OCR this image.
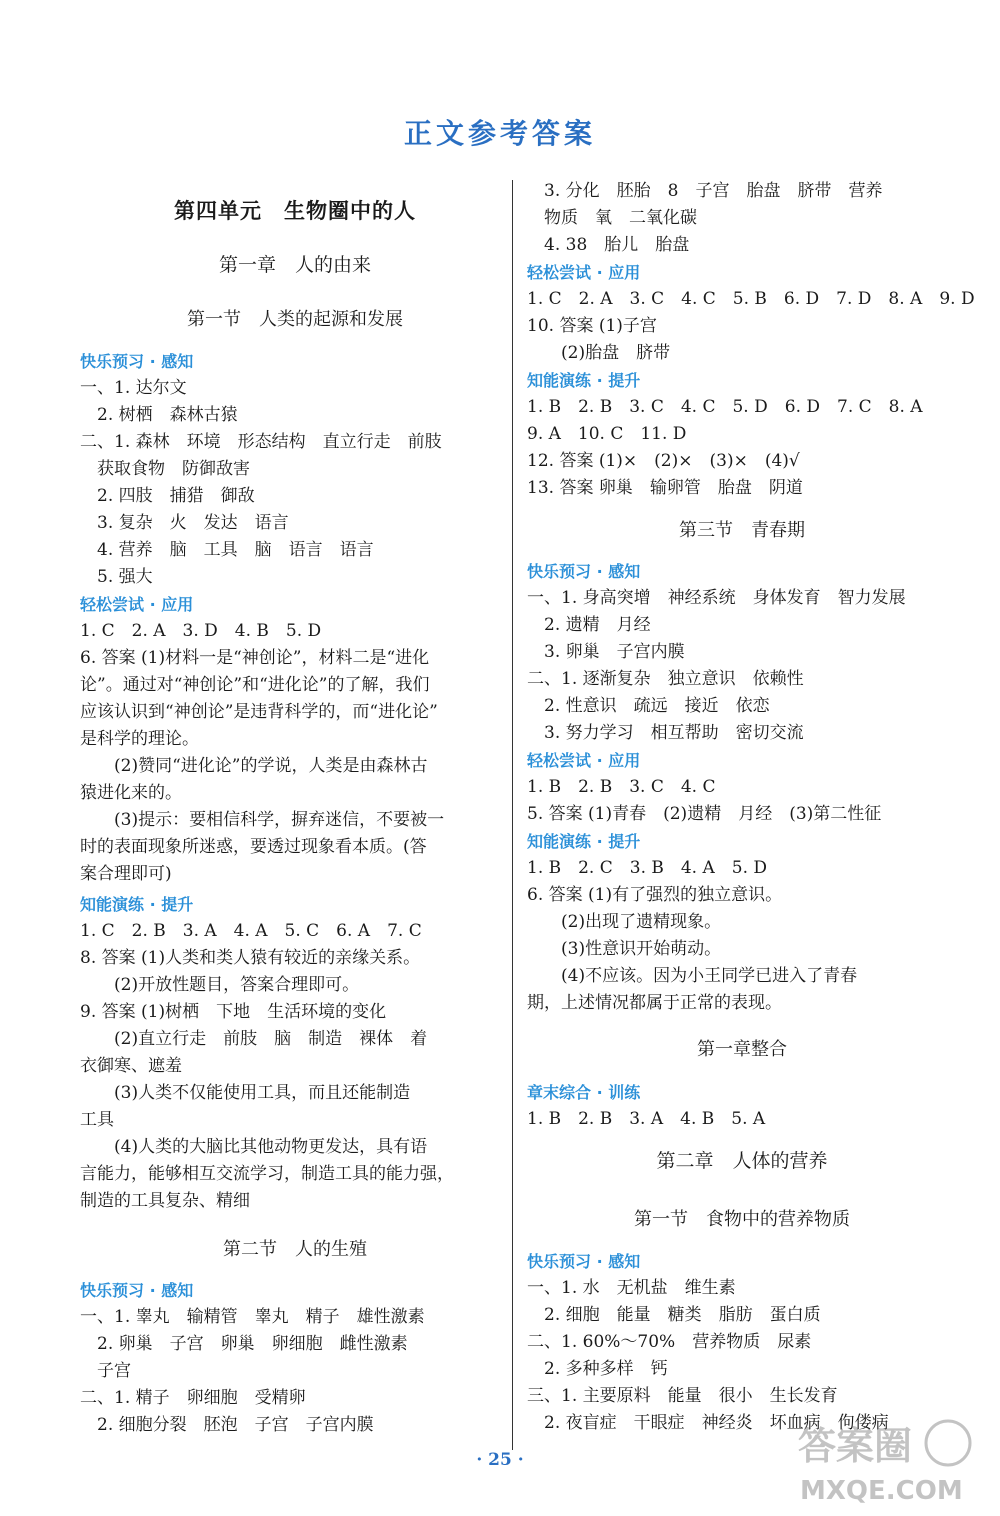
正文参考答案
第四单元　生物圈中的人
第一章　人的由来
第一节　人类的起源和发展
快乐预习 · 感知
一、1. 达尔文
　2. 树栖　森林古猿
二、1. 森林　环境　形态结构　直立行走　前肢
　获取食物　防御敌害
　2. 四肢　捕猎　御敌
　3. 复杂　火　发达　语言
　4. 营养　脑　工具　脑　语言　语言
　5. 强大
轻松尝试 · 应用
1. C　2. A　3. D　4. B　5. D
6. 答案 (1)材料一是“神创论”，材料二是“进化
论”。通过对“神创论”和“进化论”的了解，我们
应该认识到“神创论”是违背科学的，而“进化论”
是科学的理论。
　　(2)赞同“进化论”的学说，人类是由森林古
猿进化来的。
　　(3)提示：要相信科学，摒弃迷信，不要被一
时的表面现象所迷惑，要透过现象看本质。(答
案合理即可)
知能演练 · 提升
1. C　2. B　3. A　4. A　5. C　6. A　7. C
8. 答案 (1)人类和类人猿有较近的亲缘关系。
　　(2)开放性题目，答案合理即可。
9. 答案 (1)树栖　下地　生活环境的变化
　　(2)直立行走　前肢　脑　制造　裸体　着
衣御寒、遮羞
　　(3)人类不仅能使用工具，而且还能制造
工具
　　(4)人类的大脑比其他动物更发达，具有语
言能力，能够相互交流学习，制造工具的能力强，
制造的工具复杂、精细
第二节　人的生殖
快乐预习 · 感知
一、1. 睾丸　输精管　睾丸　精子　雄性激素
　2. 卵巢　子宫　卵巢　卵细胞　雌性激素
　子宫
二、1. 精子　卵细胞　受精卵
　2. 细胞分裂　胚泡　子宫　子宫内膜
　3. 分化　胚胎　8　子宫　胎盘　脐带　营养
　物质　氧　二氧化碳
　4. 38　胎儿　胎盘
轻松尝试 · 应用
1. C　2. A　3. C　4. C　5. B　6. D　7. D　8. A　9. D
10. 答案 (1)子宫
　　(2)胎盘　脐带
知能演练 · 提升
1. B　2. B　3. C　4. C　5. D　6. D　7. C　8. A
9. A　10. C　11. D
12. 答案 (1)×　(2)×　(3)×　(4)√
13. 答案 卵巢　输卵管　胎盘　阴道
第三节　青春期
快乐预习 · 感知
一、1. 身高突增　神经系统　身体发育　智力发展
　2. 遗精　月经
　3. 卵巢　子宫内膜
二、1. 逐渐复杂　独立意识　依赖性
　2. 性意识　疏远　接近　依恋
　3. 努力学习　相互帮助　密切交流
轻松尝试 · 应用
1. B　2. B　3. C　4. C
5. 答案 (1)青春　(2)遗精　月经　(3)第二性征
知能演练 · 提升
1. B　2. C　3. B　4. A　5. D
6. 答案 (1)有了强烈的独立意识。
　　(2)出现了遗精现象。
　　(3)性意识开始萌动。
　　(4)不应该。因为小王同学已进入了青春
期，上述情况都属于正常的表现。
第一章整合
章末综合 · 训练
1. B　2. B　3. A　4. B　5. A
第二章　人体的营养
第一节　食物中的营养物质
快乐预习 · 感知
一、1. 水　无机盐　维生素
　2. 细胞　能量　糖类　脂肪　蛋白质
二、1. 60%～70%　营养物质　尿素
　2. 多种多样　钙
三、1. 主要原料　能量　很小　生长发育
　2. 夜盲症　干眼症　神经炎　坏血病　佝偻病
· 25 ·	答案圈
MXQE.COM
